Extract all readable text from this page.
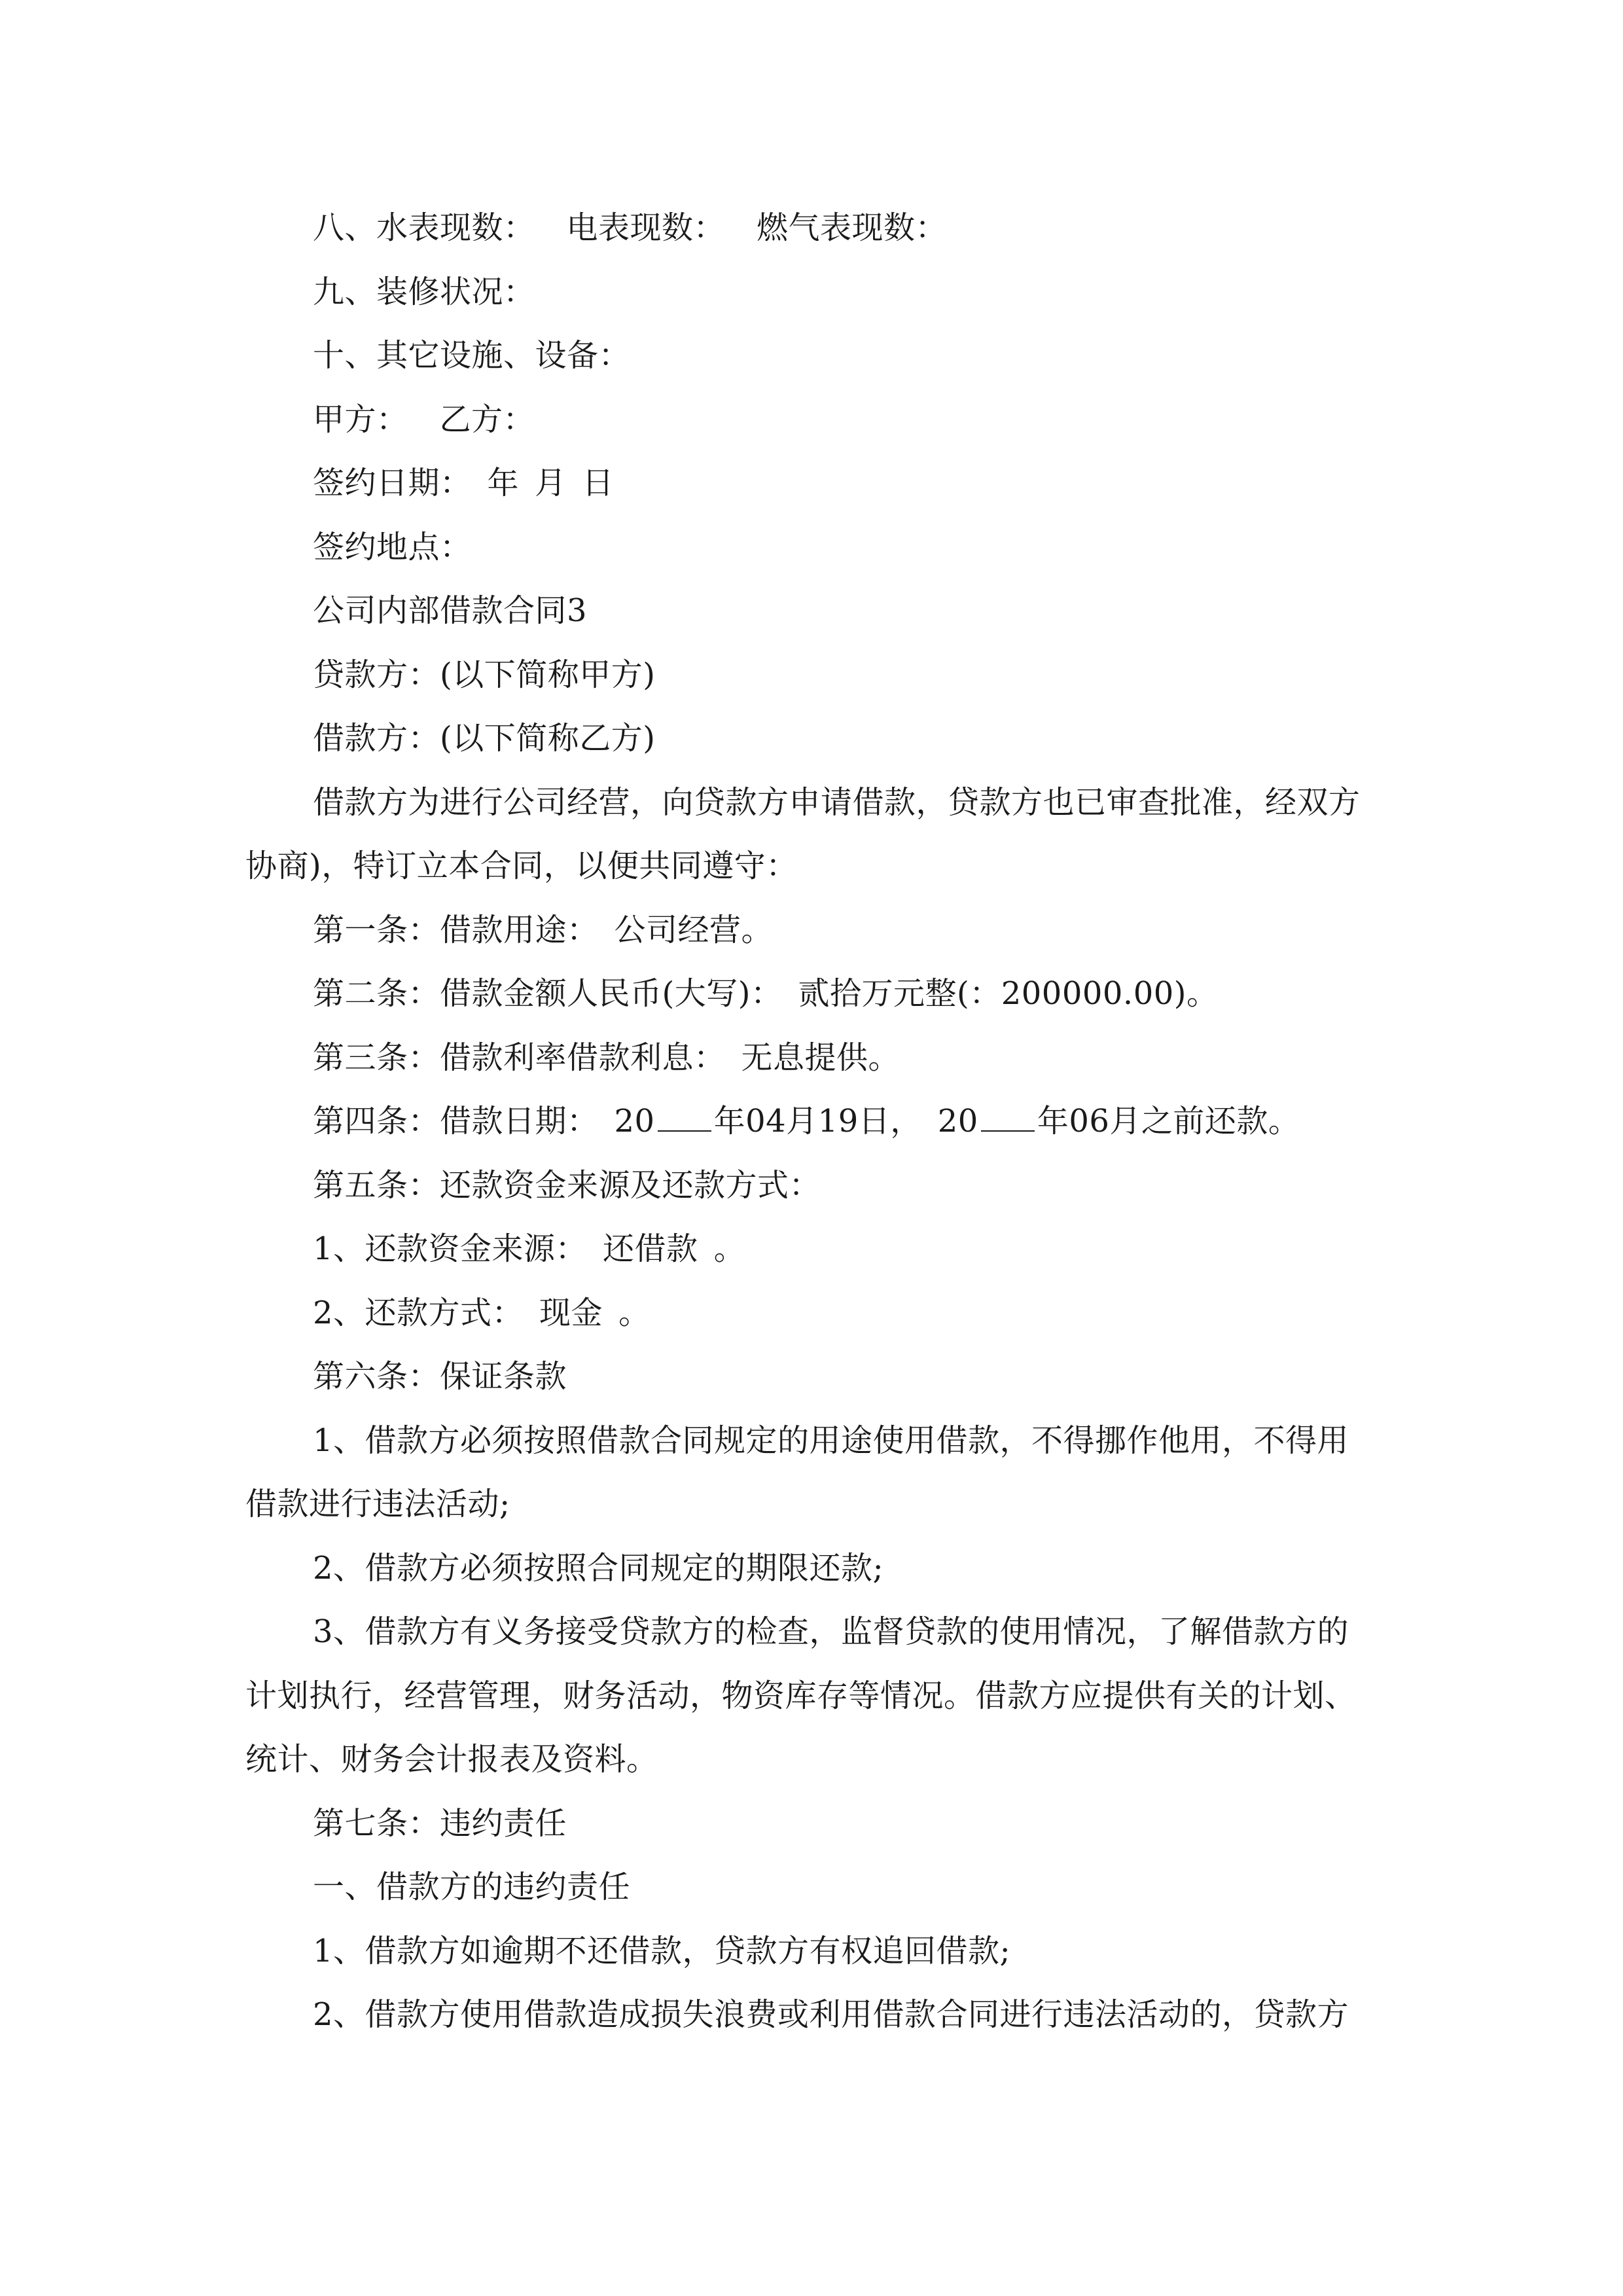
八、水表现数： 电表现数： 燃气表现数：
九、装修状况：
十、其它设施、设备：
甲方： 乙方：
签约日期： 年 月 日
签约地点：
公司内部借款合同3
贷款方：(以下简称甲方)
借款方：(以下简称乙方)
借款方为进行公司经营，向贷款方申请借款，贷款方也已审查批准，经双方
协商)，特订立本合同，以便共同遵守：
第一条：借款用途： 公司经营。
第二条：借款金额人民币(大写)： 贰拾万元整(：200000.00)。
第三条：借款利率借款利息： 无息提供。
第四条：借款日期： 20 年04月19日， 20 年06月之前还款。
第五条：还款资金来源及还款方式：
1、还款资金来源： 还借款 。
2、还款方式： 现金 。
第六条：保证条款
1、借款方必须按照借款合同规定的用途使用借款，不得挪作他用，不得用
借款进行违法活动;
2、借款方必须按照合同规定的期限还款;
3、借款方有义务接受贷款方的检查，监督贷款的使用情况，了解借款方的
计划执行，经营管理，财务活动，物资库存等情况。借款方应提供有关的计划、
统计、财务会计报表及资料。
第七条：违约责任
一、借款方的违约责任
1、借款方如逾期不还借款，贷款方有权追回借款;
2、借款方使用借款造成损失浪费或利用借款合同进行违法活动的，贷款方
